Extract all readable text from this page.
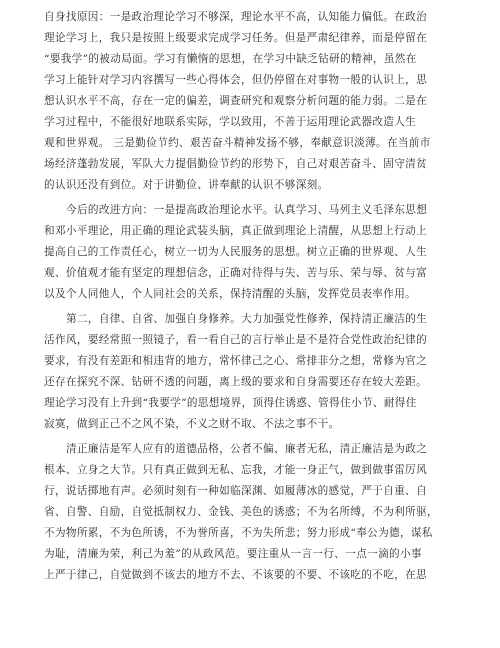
自身找原因：一是政治理论学习不够深，理论水平不高，认知能力偏低。在政治
理论学习上，我只是按照上级要求完成学习任务。但是严肃纪律养，而是停留在
“要我学”的被动局面。学习有懒惰的思想，在学习中缺乏钻研的精神，虽然在
学习上能针对学习内容撰写一些心得体会，但仍停留在对事物一般的认识上，思
想认识水平不高，存在一定的偏差，调查研究和观察分析问题的能力弱。二是在
学习过程中，不能很好地联系实际，学以致用，不善于运用理论武器改造人生
观和世界观。 三是勤俭节约、艰苦奋斗精神发扬不够，奉献意识淡薄。在当前市
场经济蓬勃发展，军队大力提倡勤俭节约的形势下，自己对艰苦奋斗、固守清贫
的认识还没有到位。对于讲勤俭、讲奉献的认识不够深刻。
今后的改进方向：一是提高政治理论水平。认真学习、马列主义毛泽东思想
和邓小平理论，用正确的理论武装头脑，真正做到理论上清醒，从思想上行动上
提高自己的工作责任心，树立一切为人民服务的思想。树立正确的世界观、人生
观、价值观才能有坚定的理想信念，正确对待得与失、苦与乐、荣与辱、贫与富
以及个人同他人，个人同社会的关系，保持清醒的头脑，发挥党员表率作用。
第二，自律、自省、加强自身修养。大力加强党性修养，保持清正廉洁的生
活作风，要经常照一照镜子，看一看自己的言行举止是不是符合党性政治纪律的
要求，有没有差距和相违背的地方，常怀律己之心、常排非分之想，常修为官之
还存在探究不深、钻研不透的问题，离上级的要求和自身需要还存在较大差距。
理论学习没有上升到“我要学”的思想境界，顶得住诱惑、管得住小节、耐得住
寂寞，做到正己不之风不染，不义之财不取、不法之事不干。
清正廉洁是军人应有的道德品格，公者不偏、廉者无私，清正廉洁是为政之
根本、立身之大节。只有真正做到无私、忘我，才能一身正气，做到做事雷厉风
行，说话掷地有声。必须时刻有一种如临深渊、如履薄冰的感觉，严于自重、自
省、自警、自励，自觉抵制权力、金钱、美色的诱惑；不为名所缚，不为利所驱，
不为物所累，不为色所诱，不为誉所喜，不为失所悲；努力形成“奉公为德，谋私
为耻，清廉为荣，利己为羞”的从政风范。要注重从一言一行、一点一滴的小事
上严于律己，自觉做到不该去的地方不去、不该要的不要、不该吃的不吃，在思
